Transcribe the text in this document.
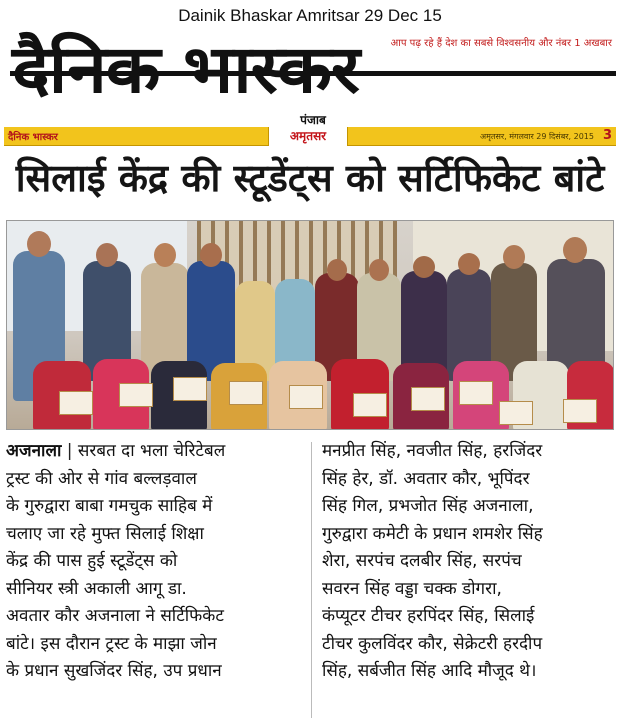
Dainik Bhaskar Amritsar 29 Dec 15
आप पढ़ रहे हैं देश का सबसे विश्वसनीय और नंबर 1 अखबार
दैनिक भास्कर
पंजाब
दैनिक भास्कर	अमृतसर	अमृतसर, मंगलवार 29 दिसंबर, 2015 3
सिलाई केंद्र की स्टूडेंट्स को सर्टिफिकेट बांटे
अजनाला | सरबत दा भला चेरिटेबल
ट्रस्ट की ओर से गांव बल्लड़वाल
के गुरुद्वारा बाबा गमचुक साहिब में
चलाए जा रहे मुफ्त सिलाई शिक्षा
केंद्र की पास हुई स्टूडेंट्स को
सीनियर स्त्री अकाली आगू डा.
अवतार कौर अजनाला ने सर्टिफिकेट
बांटे। इस दौरान ट्रस्ट के माझा जोन
के प्रधान सुखजिंदर सिंह, उप प्रधान
मनप्रीत सिंह, नवजीत सिंह, हरजिंदर
सिंह हेर, डॉ. अवतार कौर, भूपिंदर
सिंह गिल, प्रभजोत सिंह अजनाला,
गुरुद्वारा कमेटी के प्रधान शमशेर सिंह
शेरा, सरपंच दलबीर सिंह, सरपंच
सवरन सिंह वड्डा चक्क डोगरा,
कंप्यूटर टीचर हरपिंदर सिंह, सिलाई
टीचर कुलविंदर कौर, सेक्रेटरी हरदीप
सिंह, सर्बजीत सिंह आदि मौजूद थे।
